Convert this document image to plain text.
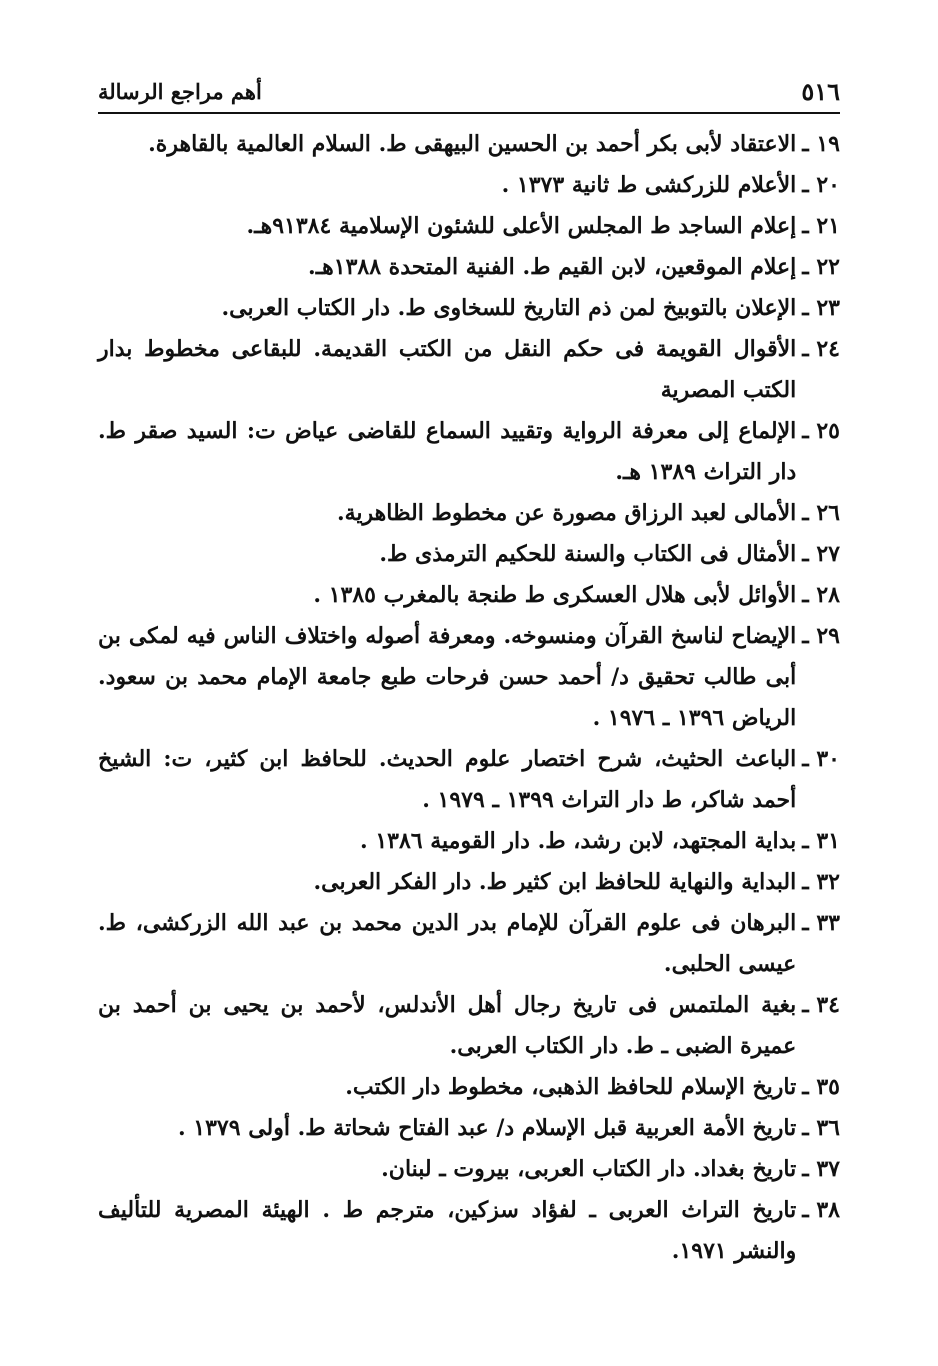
٥١٦
أهم مراجع الرسالة
١٩ ـ
الاعتقاد لأبى بكر أحمد بن الحسين البيهقى ط. السلام العالمية بالقاهرة.
٢٠ ـ
الأعلام للزركشى ط ثانية ١٣٧٣ .
٢١ ـ
إعلام الساجد ط المجلس الأعلى للشئون الإسلامية ٩١٣٨٤هـ.
٢٢ ـ
إعلام الموقعين، لابن القيم ط. الفنية المتحدة ١٣٨٨هـ.
٢٣ ـ
الإعلان بالتوبيخ لمن ذم التاريخ للسخاوى ط. دار الكتاب العربى.
٢٤ ـ
الأقوال القويمة فى حكم النقل من الكتب القديمة. للبقاعى مخطوط بدار الكتب المصرية
٢٥ ـ
الإلماع إلى معرفة الرواية وتقييد السماع للقاضى عياض ت: السيد صقر ط. دار التراث ١٣٨٩ هـ.
٢٦ ـ
الأمالى لعبد الرزاق مصورة عن مخطوط الظاهرية.
٢٧ ـ
الأمثال فى الكتاب والسنة للحكيم الترمذى ط.
٢٨ ـ
الأوائل لأبى هلال العسكرى ط طنجة بالمغرب ١٣٨٥ .
٢٩ ـ
الإيضاح لناسخ القرآن ومنسوخه. ومعرفة أصوله واختلاف الناس فيه لمكى بن أبى طالب تحقيق د/ أحمد حسن فرحات طبع جامعة الإمام محمد بن سعود. الرياض ١٣٩٦ ـ ١٩٧٦ .
٣٠ ـ
الباعث الحثيث، شرح اختصار علوم الحديث. للحافظ ابن كثير، ت: الشيخ أحمد شاكر، ط دار التراث ١٣٩٩ ـ ١٩٧٩ .
٣١ ـ
بداية المجتهد، لابن رشد، ط. دار القومية ١٣٨٦ .
٣٢ ـ
البداية والنهاية للحافظ ابن كثير ط. دار الفكر العربى.
٣٣ ـ
البرهان فى علوم القرآن للإمام بدر الدين محمد بن عبد الله الزركشى، ط. عيسى الحلبى.
٣٤ ـ
بغية الملتمس فى تاريخ رجال أهل الأندلس، لأحمد بن يحيى بن أحمد بن عميرة الضبى ـ ط. دار الكتاب العربى.
٣٥ ـ
تاريخ الإسلام للحافظ الذهبى، مخطوط دار الكتب.
٣٦ ـ
تاريخ الأمة العربية قبل الإسلام د/ عبد الفتاح شحاتة ط. أولى ١٣٧٩ .
٣٧ ـ
تاريخ بغداد. دار الكتاب العربى، بيروت ـ لبنان.
٣٨ ـ
تاريخ التراث العربى ـ لفؤاد سزكين، مترجم ط . الهيئة المصرية للتأليف والنشر ١٩٧١.
